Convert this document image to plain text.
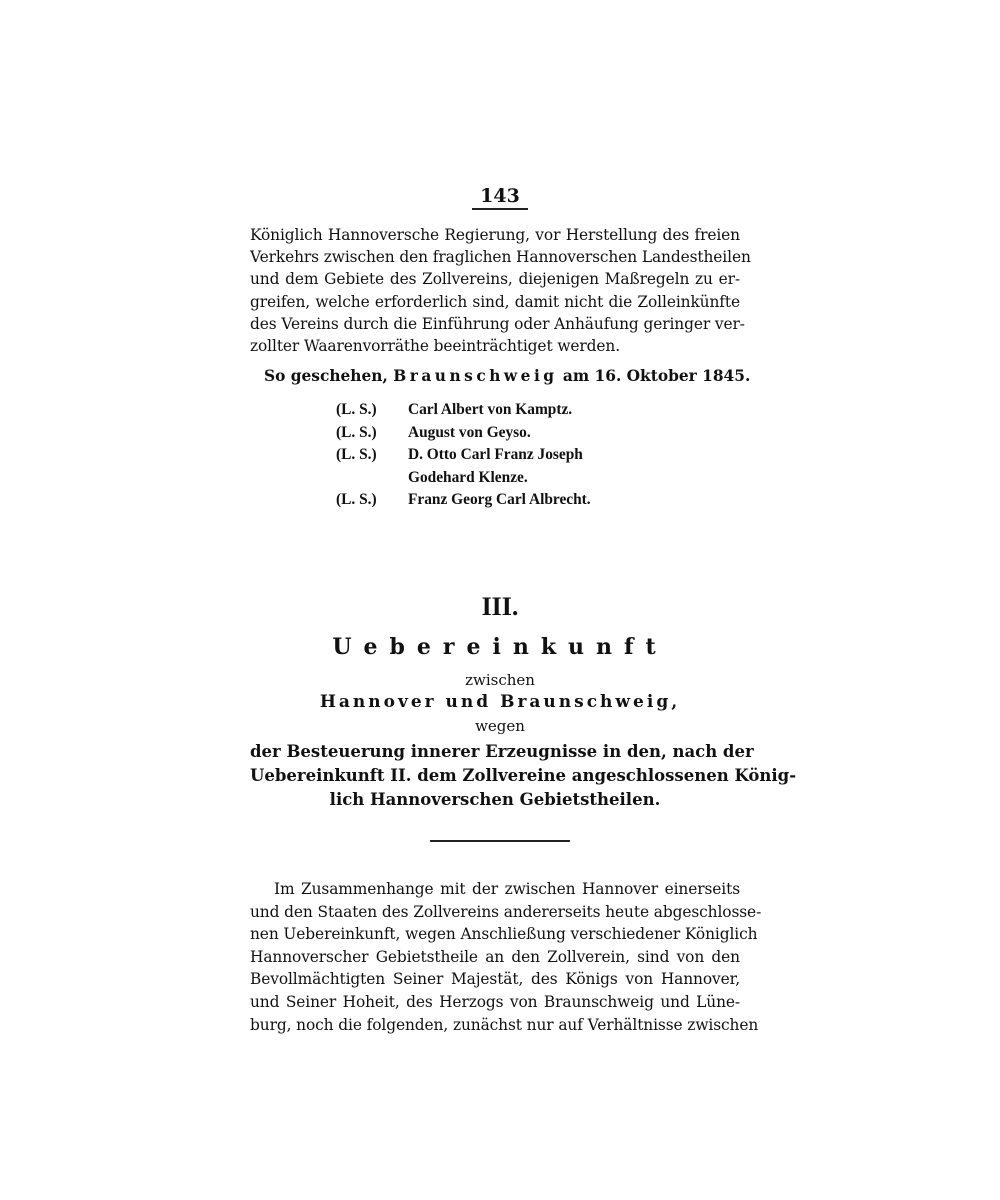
143
Königlich Hannoversche Regierung, vor Herstellung des freien
Verkehrs zwischen den fraglichen Hannoverschen Landestheilen
und dem Gebiete des Zollvereins, diejenigen Maßregeln zu er-
greifen, welche erforderlich sind, damit nicht die Zolleinkünfte
des Vereins durch die Einführung oder Anhäufung geringer ver-
zollter Waarenvorräthe beeinträchtiget werden.
So geschehen, Braunschweig am 16. Oktober 1845.
(L. S.) Carl Albert von Kamptz.
(L. S.) August von Geyso.
(L. S.) D. Otto Carl Franz Joseph
Godehard Klenze.
(L. S.) Franz Georg Carl Albrecht.
III.
Uebereinkunft
zwischen
Hannover und Braunschweig,
wegen
der Besteuerung innerer Erzeugnisse in den, nach der
Uebereinkunft II. dem Zollvereine angeschlossenen König-
lich Hannoverschen Gebietstheilen.
Im Zusammenhange mit der zwischen Hannover einerseits
und den Staaten des Zollvereins andererseits heute abgeschlosse-
nen Uebereinkunft, wegen Anschließung verschiedener Königlich
Hannoverscher Gebietstheile an den Zollverein, sind von den
Bevollmächtigten Seiner Majestät, des Königs von Hannover,
und Seiner Hoheit, des Herzogs von Braunschweig und Lüne-
burg, noch die folgenden, zunächst nur auf Verhältnisse zwischen
